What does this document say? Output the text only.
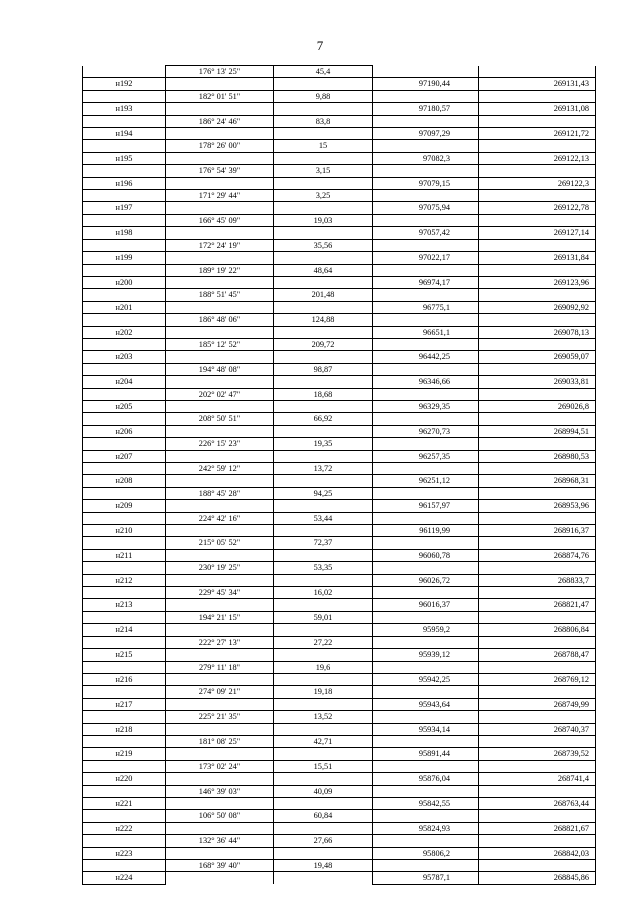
7
	176° 13' 25"	45,4		
н192			97190,44	269131,43
	182° 01' 51"	9,88		
н193			97180,57	269131,08
	186° 24' 46"	83,8		
н194			97097,29	269121,72
	178° 26' 00"	15		
н195			97082,3	269122,13
	176° 54' 39"	3,15		
н196			97079,15	269122,3
	171° 29' 44"	3,25		
н197			97075,94	269122,78
	166° 45' 09"	19,03		
н198			97057,42	269127,14
	172° 24' 19"	35,56		
н199			97022,17	269131,84
	189° 19' 22"	48,64		
н200			96974,17	269123,96
	188° 51' 45"	201,48		
н201			96775,1	269092,92
	186° 48' 06"	124,88		
н202			96651,1	269078,13
	185° 12' 52"	209,72		
н203			96442,25	269059,07
	194° 48' 08"	98,87		
н204			96346,66	269033,81
	202° 02' 47"	18,68		
н205			96329,35	269026,8
	208° 50' 51"	66,92		
н206			96270,73	268994,51
	226° 15' 23"	19,35		
н207			96257,35	268980,53
	242° 59' 12"	13,72		
н208			96251,12	268968,31
	188° 45' 28"	94,25		
н209			96157,97	268953,96
	224° 42' 16"	53,44		
н210			96119,99	268916,37
	215° 05' 52"	72,37		
н211			96060,78	268874,76
	230° 19' 25"	53,35		
н212			96026,72	268833,7
	229° 45' 34"	16,02		
н213			96016,37	268821,47
	194° 21' 15"	59,01		
н214			95959,2	268806,84
	222° 27' 13"	27,22		
н215			95939,12	268788,47
	279° 11' 18"	19,6		
н216			95942,25	268769,12
	274° 09' 21"	19,18		
н217			95943,64	268749,99
	225° 21' 35"	13,52		
н218			95934,14	268740,37
	181° 08' 25"	42,71		
н219			95891,44	268739,52
	173° 02' 24"	15,51		
н220			95876,04	268741,4
	146° 39' 03"	40,09		
н221			95842,55	268763,44
	106° 50' 08"	60,84		
н222			95824,93	268821,67
	132° 36' 44"	27,66		
н223			95806,2	268842,03
	168° 39' 40"	19,48		
н224			95787,1	268845,86
